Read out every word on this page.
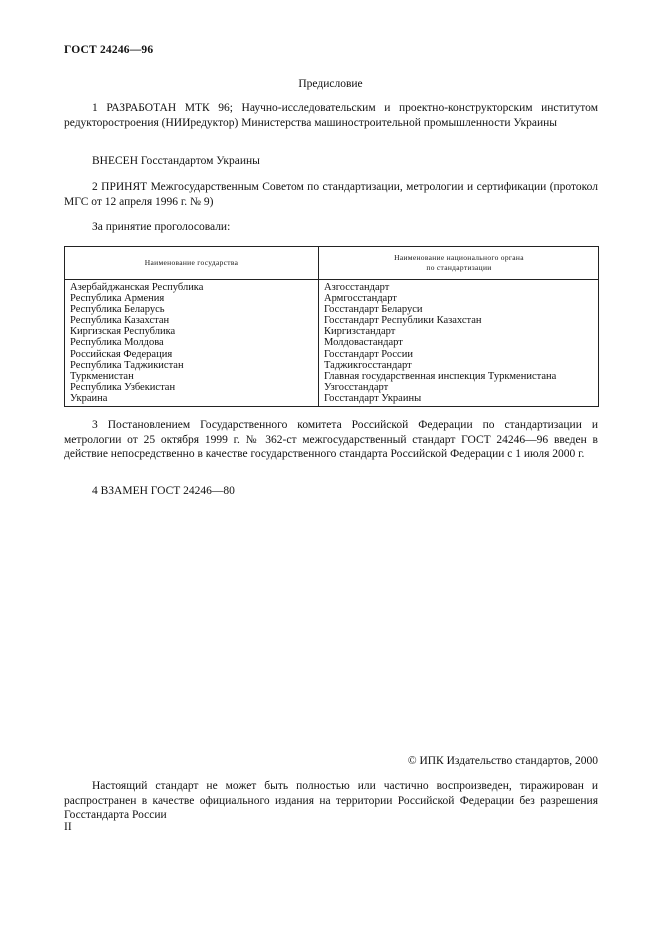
ГОСТ 24246—96
Предисловие

1 РАЗРАБОТАН МТК 96; Научно-исследовательским и проектно-конструкторским институтом редукторостроения (НИИредуктор) Министерства машиностроительной промышленности Украины

ВНЕСЕН Госстандартом Украины

2 ПРИНЯТ Межгосударственным Советом по стандартизации, метрологии и сертификации (протокол МГС от 12 апреля 1996 г. № 9)

За принятие проголосовали:
Наименование государства
Наименование национального органа
по стандартизации
Азербайджанская Республика
Республика Армения
Республика Беларусь
Республика Казахстан
Киргизская Республика
Республика Молдова
Российская Федерация
Республика Таджикистан
Туркменистан
Республика Узбекистан
Украина
Азгосстандарт
Армгосстандарт
Госстандарт Беларуси
Госстандарт Республики Казахстан
Киргизстандарт
Молдовастандарт
Госстандарт России
Таджикгосстандарт
Главная государственная инспекция Туркменистана
Узгосстандарт
Госстандарт Украины

3 Постановлением Государственного комитета Российской Федерации по стандартизации и метрологии от 25 октября 1999 г. № 362-ст межгосударственный стандарт ГОСТ 24246—96 введен в действие непосредственно в качестве государственного стандарта Российской Федерации с 1 июля 2000 г.

4 ВЗАМЕН ГОСТ 24246—80
© ИПК Издательство стандартов, 2000

Настоящий стандарт не может быть полностью или частично воспроизведен, тиражирован и распространен в качестве официального издания на территории Российской Федерации без разрешения Госстандарта России

II
